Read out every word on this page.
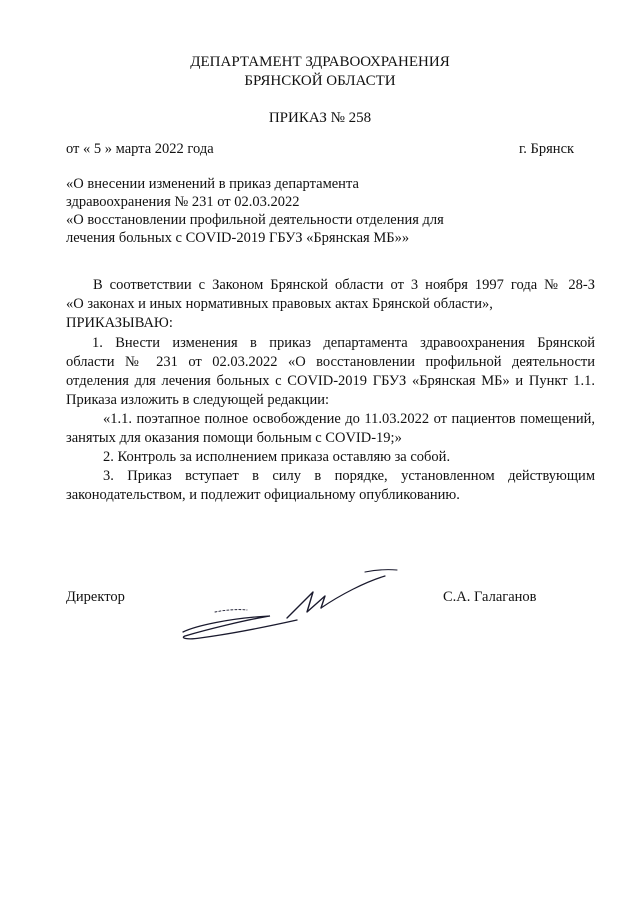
ДЕПАРТАМЕНТ ЗДРАВООХРАНЕНИЯ
БРЯНСКОЙ ОБЛАСТИ
ПРИКАЗ № 258
от « 5 » марта 2022 года	г. Брянск
«О внесении изменений в приказ департамента
здравоохранения № 231 от 02.03.2022
«О восстановлении профильной деятельности отделения для
лечения больных с COVID-2019 ГБУЗ «Брянская МБ»»
В соответствии с Законом Брянской области от 3 ноября 1997 года № 28-З
«О законах и иных нормативных правовых актах Брянской области»,
ПРИКАЗЫВАЮ:
1. Внести изменения в приказ департамента здравоохранения Брянской
области № 231 от 02.03.2022 «О восстановлении профильной деятельности
отделения для лечения больных с COVID-2019 ГБУЗ «Брянская МБ» и Пункт 1.1.
Приказа изложить в следующей редакции:
«1.1. поэтапное полное освобождение до 11.03.2022 от пациентов помещений,
занятых для оказания помощи больным с COVID-19;»
2. Контроль за исполнением приказа оставляю за собой.
3. Приказ вступает в силу в порядке, установленном действующим
законодательством, и подлежит официальному опубликованию.
Директор	С.А. Галаганов
